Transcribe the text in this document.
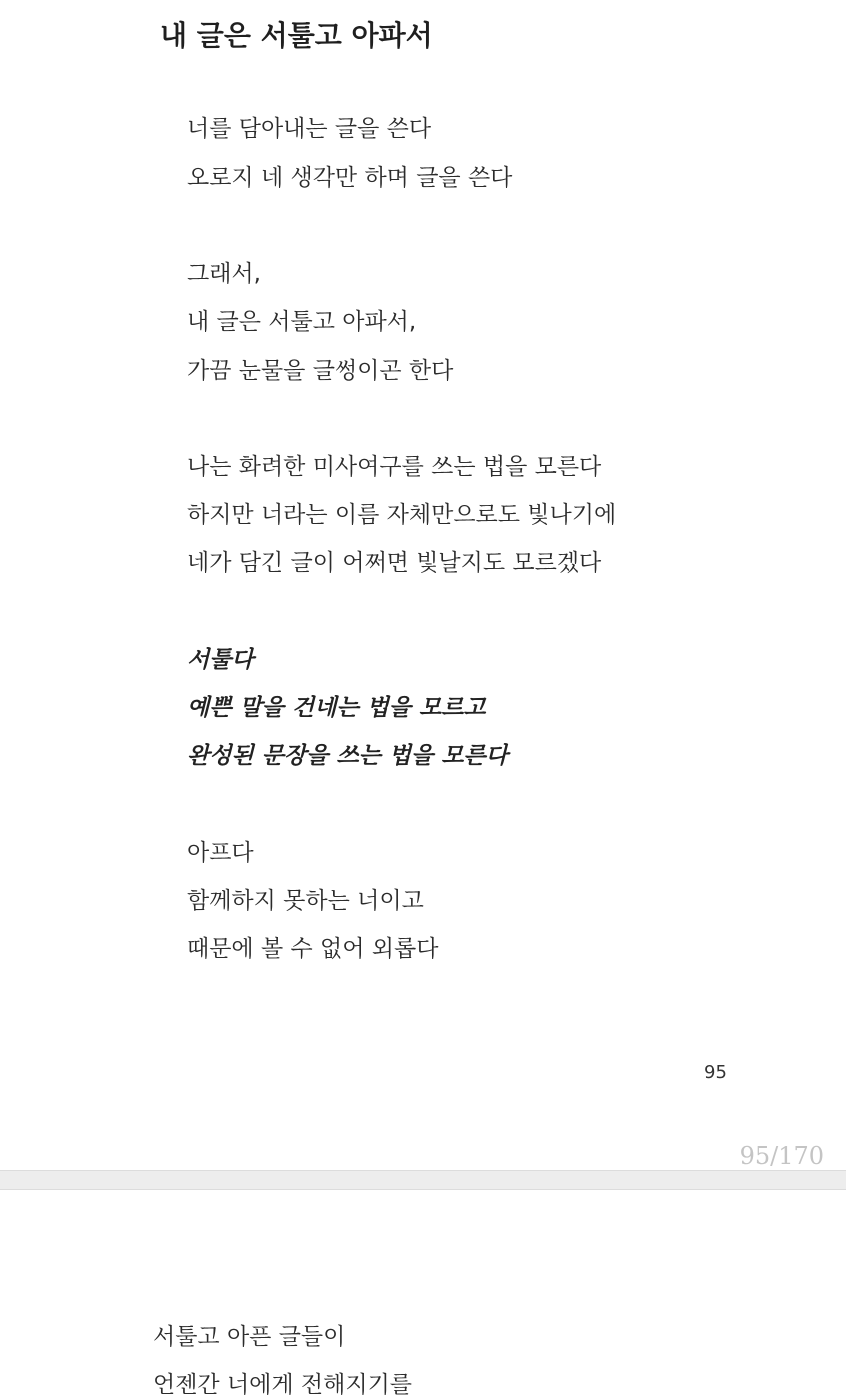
내 글은 서툴고 아파서
너를 담아내는 글을 쓴다
오로지 네 생각만 하며 글을 쓴다
그래서,
내 글은 서툴고 아파서,
가끔 눈물을 글썽이곤 한다
나는 화려한 미사여구를 쓰는 법을 모른다
하지만 너라는 이름 자체만으로도 빛나기에
네가 담긴 글이 어쩌면 빛날지도 모르겠다
서툴다
예쁜 말을 건네는 법을 모르고
완성된 문장을 쓰는 법을 모른다
아프다
함께하지 못하는 너이고
때문에 볼 수 없어 외롭다
95
95/170
서툴고 아픈 글들이
언젠간 너에게 전해지기를
